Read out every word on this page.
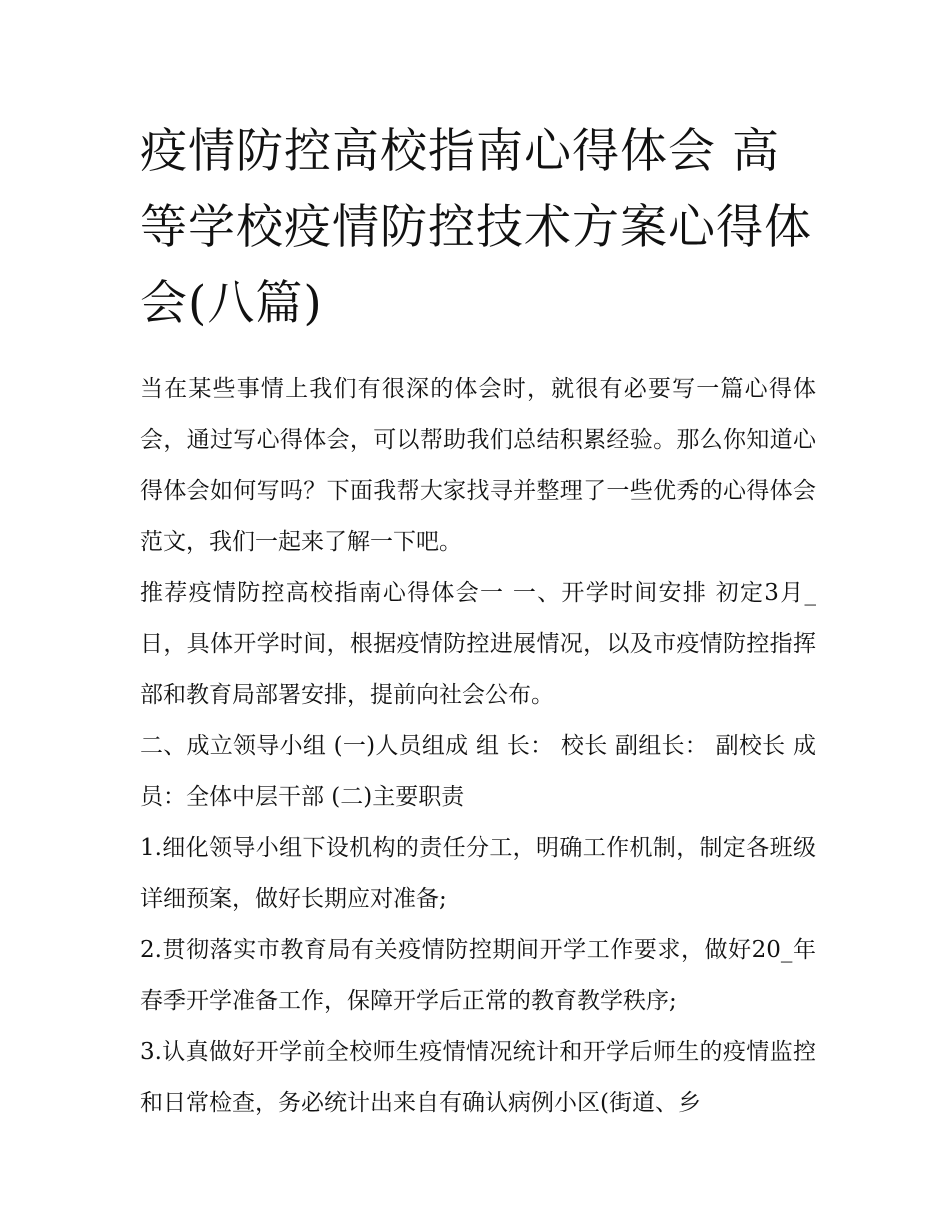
疫情防控高校指南心得体会 高等学校疫情防控技术方案心得体会(八篇)

当在某些事情上我们有很深的体会时，就很有必要写一篇心得体会，通过写心得体会，可以帮助我们总结积累经验。那么你知道心得体会如何写吗？下面我帮大家找寻并整理了一些优秀的心得体会范文，我们一起来了解一下吧。

推荐疫情防控高校指南心得体会一 一、开学时间安排 初定3月_日，具体开学时间，根据疫情防控进展情况，以及市疫情防控指挥部和教育局部署安排，提前向社会公布。

二、成立领导小组 (一)人员组成 组 长： 校长 副组长： 副校长 成 员：全体中层干部 (二)主要职责

1.细化领导小组下设机构的责任分工，明确工作机制，制定各班级详细预案，做好长期应对准备;

2.贯彻落实市教育局有关疫情防控期间开学工作要求，做好20_年春季开学准备工作，保障开学后正常的教育教学秩序;

3.认真做好开学前全校师生疫情情况统计和开学后师生的疫情监控和日常检查，务必统计出来自有确认病例小区(街道、乡
